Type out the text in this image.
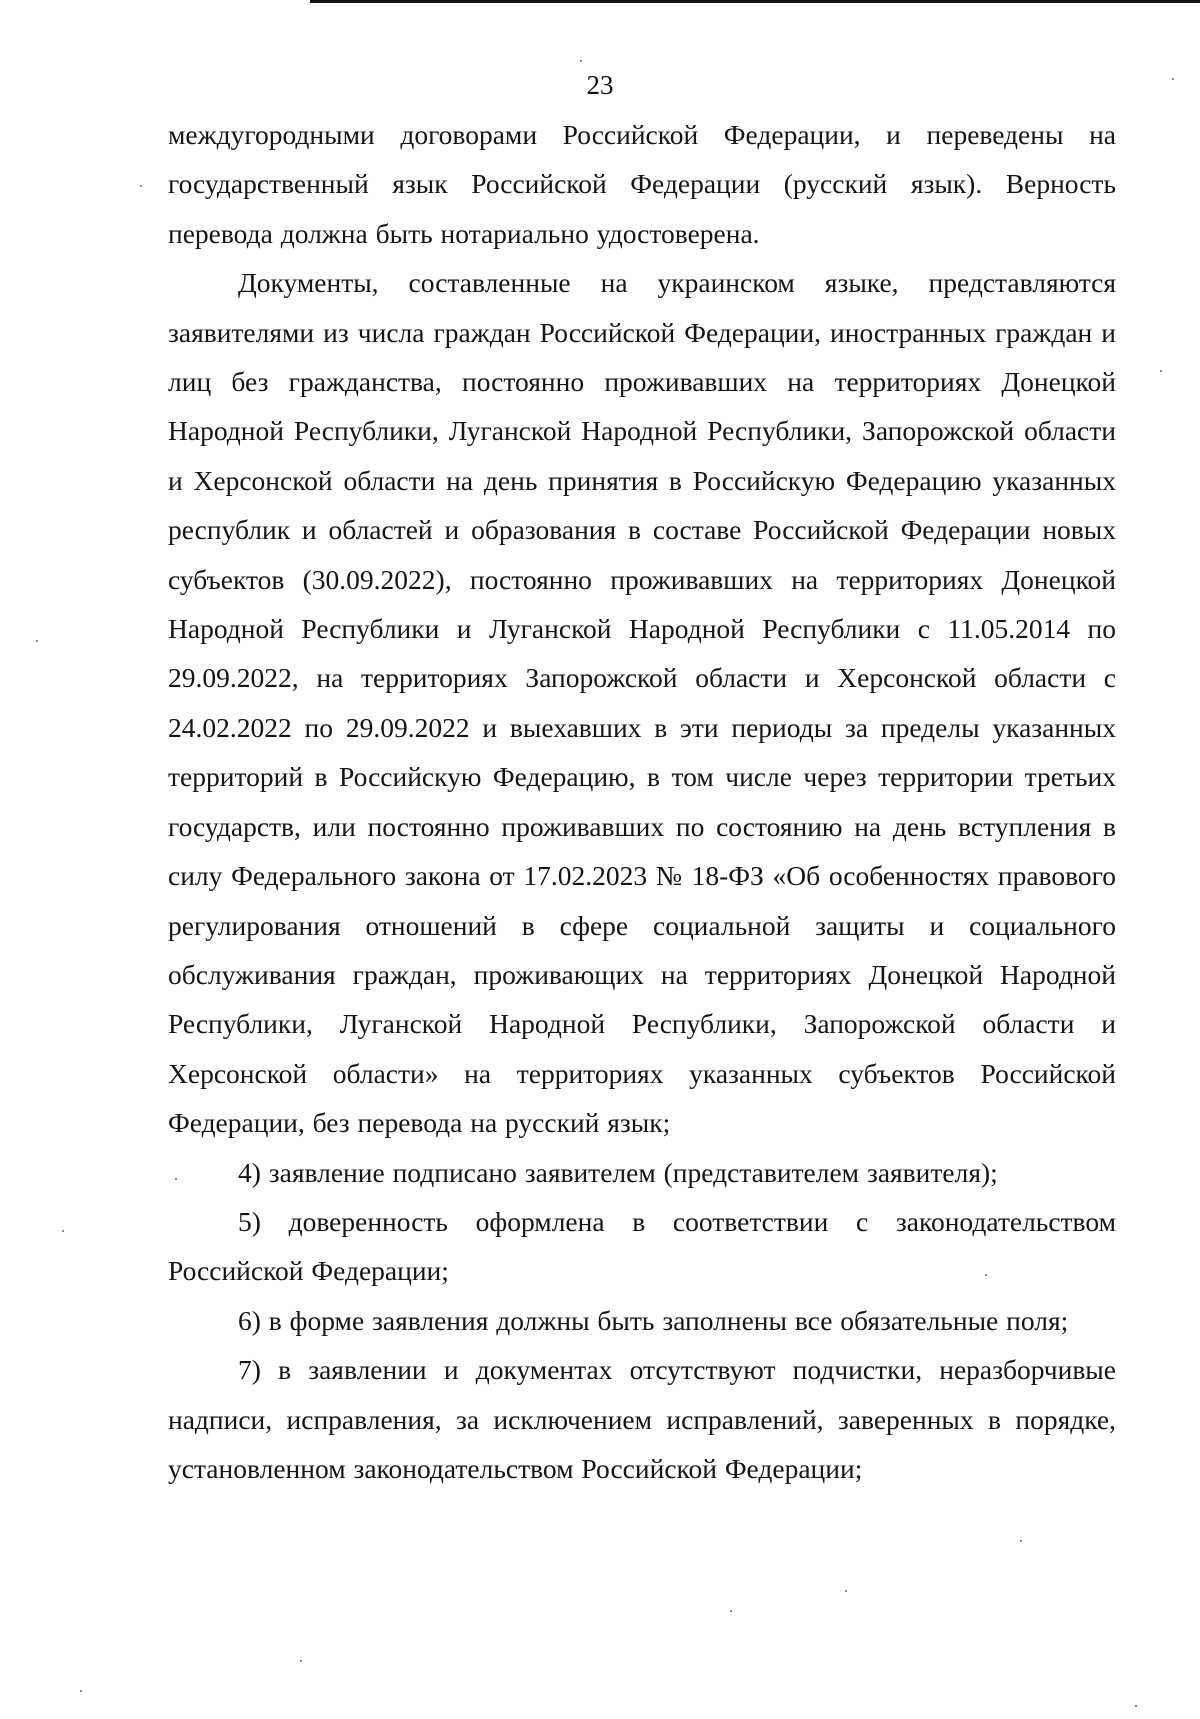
23

междугородными договорами Российской Федерации, и переведены на государственный язык Российской Федерации (русский язык). Верность перевода должна быть нотариально удостоверена.

Документы, составленные на украинском языке, представляются заявителями из числа граждан Российской Федерации, иностранных граждан и лиц без гражданства, постоянно проживавших на территориях Донецкой Народной Республики, Луганской Народной Республики, Запорожской области и Херсонской области на день принятия в Российскую Федерацию указанных республик и областей и образования в составе Российской Федерации новых субъектов (30.09.2022), постоянно проживавших на территориях Донецкой Народной Республики и Луганской Народной Республики с 11.05.2014 по 29.09.2022, на территориях Запорожской области и Херсонской области с 24.02.2022 по 29.09.2022 и выехавших в эти периоды за пределы указанных территорий в Российскую Федерацию, в том числе через территории третьих государств, или постоянно проживавших по состоянию на день вступления в силу Федерального закона от 17.02.2023 № 18-ФЗ «Об особенностях правового регулирования отношений в сфере социальной защиты и социального обслуживания граждан, проживающих на территориях Донецкой Народной Республики, Луганской Народной Республики, Запорожской области и Херсонской области» на территориях указанных субъектов Российской Федерации, без перевода на русский язык;

4) заявление подписано заявителем (представителем заявителя);

5) доверенность оформлена в соответствии с законодательством Российской Федерации;

6) в форме заявления должны быть заполнены все обязательные поля;

7) в заявлении и документах отсутствуют подчистки, неразборчивые надписи, исправления, за исключением исправлений, заверенных в порядке, установленном законодательством Российской Федерации;
